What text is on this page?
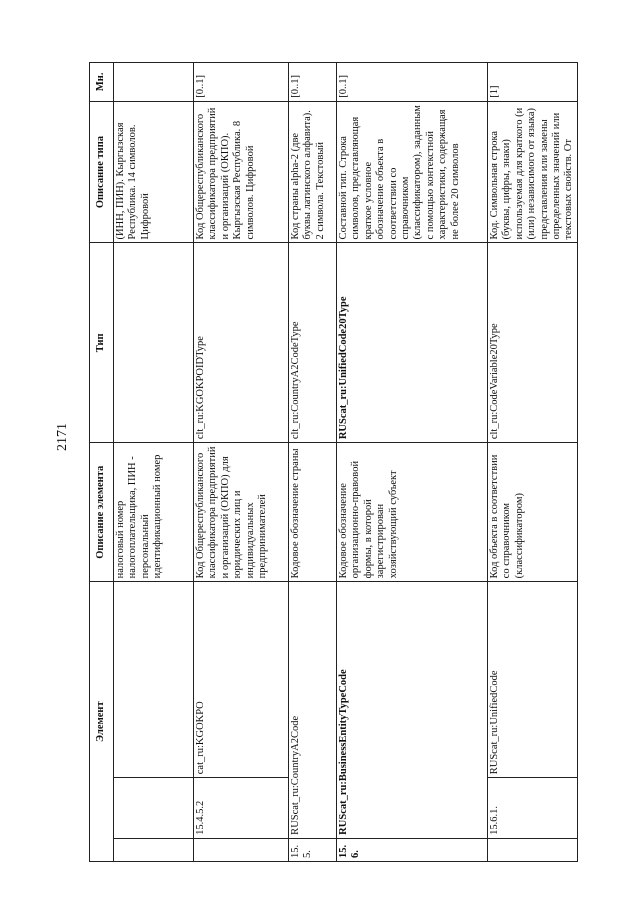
2171
Элемент			Описание элемента	Тип	Описание типа	Мн.
			налоговый номер налогоплательщика, ПИН - персональный идентификационный номер		(ИНН, ПИН). Кыргызская Республика. 14 символов. Цифровой	
	15.4.5.2	cat_ru:KGOKPO	Код Общереспубликанского классификатора предприятий и организаций (ОКПО) для юридических лиц и индивидуальных предпринимателей	clt_ru:KGOKPOIDType	Код Общереспубликанского классификатора предприятий и организаций (ОКПО). Кыргызская Республика. 8 символов. Цифровой	[0..1]
15.5.	RUScat_ru:CountryA2Code		Кодовое обозначение страны	clt_ru:CountryA2CodeType	Код страны alpha-2 (две буквы латинского алфавита). 2 символа. Текстовый	[0..1]
15.6.	RUScat_ru:BusinessEntityTypeCode		Кодовое обозначение организационно-правовой формы, в которой зарегистрирован хозяйствующий субъект	RUScat_ru:UnifiedCode20Type	Составной тип. Строка символов, представляющая краткое условное обозначение объекта в соответствии со справочником (классификатором), заданным с помощью контекстной характеристики, содержащая не более 20 символов	[0..1]
	15.6.1.	RUScat_ru:UnifiedCode	Код объекта в соответствии со справочником (классификатором)	clt_ru:CodeVariable20Type	Код. Символьная строка (буквы, цифры, знаки) используемая для краткого (и (или) независимого от языка) представления или замены определенных значений или текстовых свойств. От	[1]
